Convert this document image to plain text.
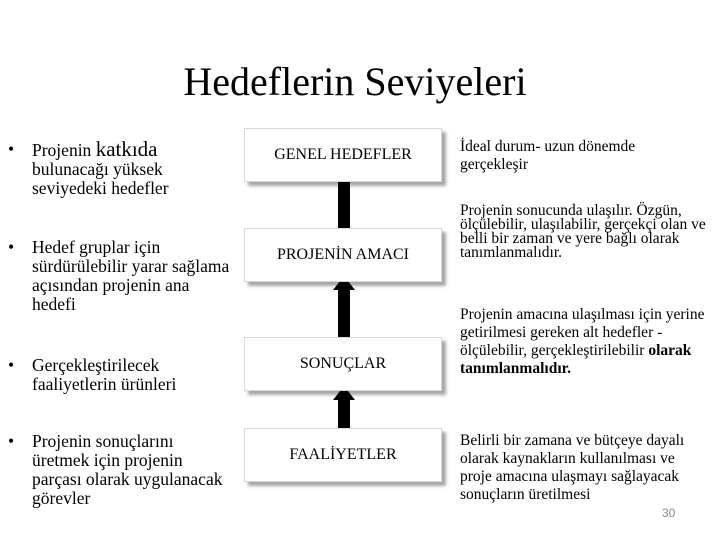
Hedeflerin Seviyeleri
•	Projenin katkıda bulunacağı yüksek seviyedeki hedefler
•	Hedef gruplar için sürdürülebilir yarar sağlama açısından projenin ana hedefi
•	Gerçekleştirilecek faaliyetlerin ürünleri
•	Projenin sonuçlarını üretmek için projenin parçası olarak uygulanacak görevler
GENEL HEDEFLER
PROJENİN AMACI
SONUÇLAR
FAALİYETLER
İdeal durum- uzun dönemde gerçekleşir
Projenin sonucunda ulaşılır. Özgün, ölçülebilir, ulaşılabilir, gerçekçi olan ve belli bir zaman ve yere bağlı olarak tanımlanmalıdır.
Projenin amacına ulaşılması için yerine getirilmesi gereken alt hedefler - ölçülebilir, gerçekleştirilebilir olarak tanımlanmalıdır.
Belirli bir zamana ve bütçeye dayalı olarak kaynakların kullanılması ve proje amacına ulaşmayı sağlayacak sonuçların üretilmesi
30
